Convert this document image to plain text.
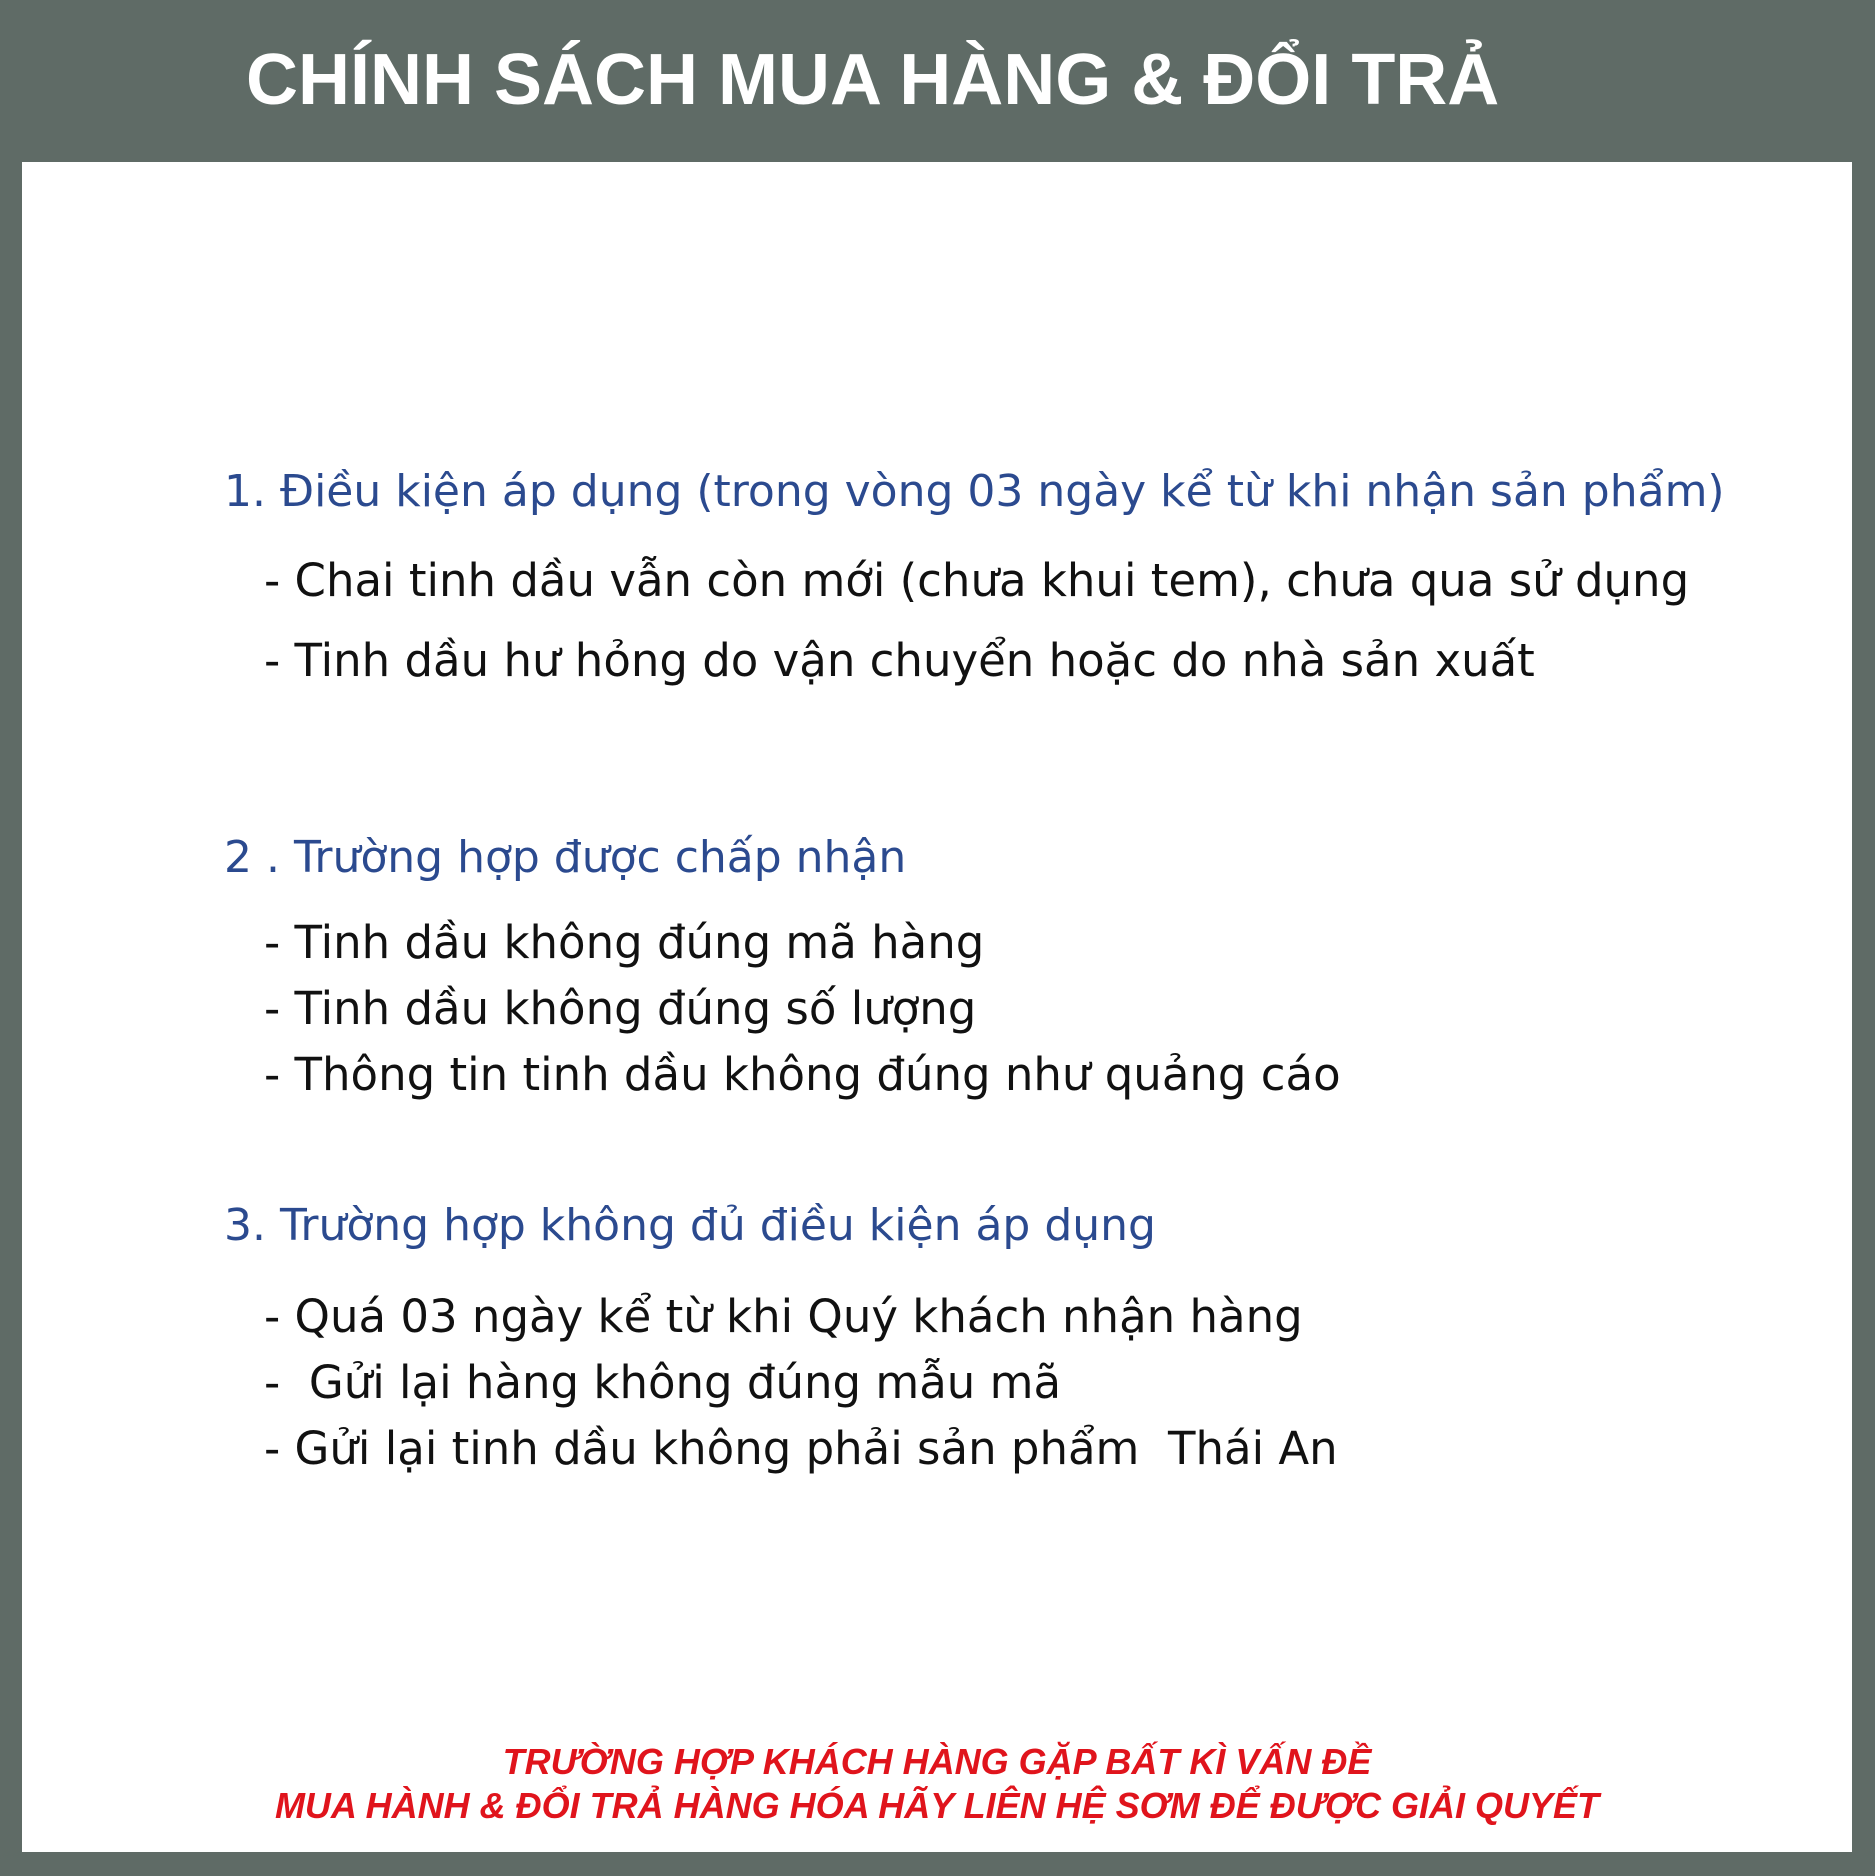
CHÍNH SÁCH MUA HÀNG & ĐỔI TRẢ
1. Điều kiện áp dụng (trong vòng 03 ngày kể từ khi nhận sản phẩm)

- Chai tinh dầu vẫn còn mới (chưa khui tem), chưa qua sử dụng

- Tinh dầu hư hỏng do vận chuyển hoặc do nhà sản xuất

2 . Trường hợp được chấp nhận

- Tinh dầu không đúng mã hàng

- Tinh dầu không đúng số lượng

- Thông tin tinh dầu không đúng như quảng cáo

3. Trường hợp không đủ điều kiện áp dụng

- Quá 03 ngày kể từ khi Quý khách nhận hàng

-  Gửi lại hàng không đúng mẫu mã

- Gửi lại tinh dầu không phải sản phẩm  Thái An

TRƯỜNG HỢP KHÁCH HÀNG GẶP BẤT KÌ VẤN ĐỀ

MUA HÀNH & ĐỔI TRẢ HÀNG HÓA HÃY LIÊN HỆ SƠM ĐỂ ĐƯỢC GIẢI QUYẾT
